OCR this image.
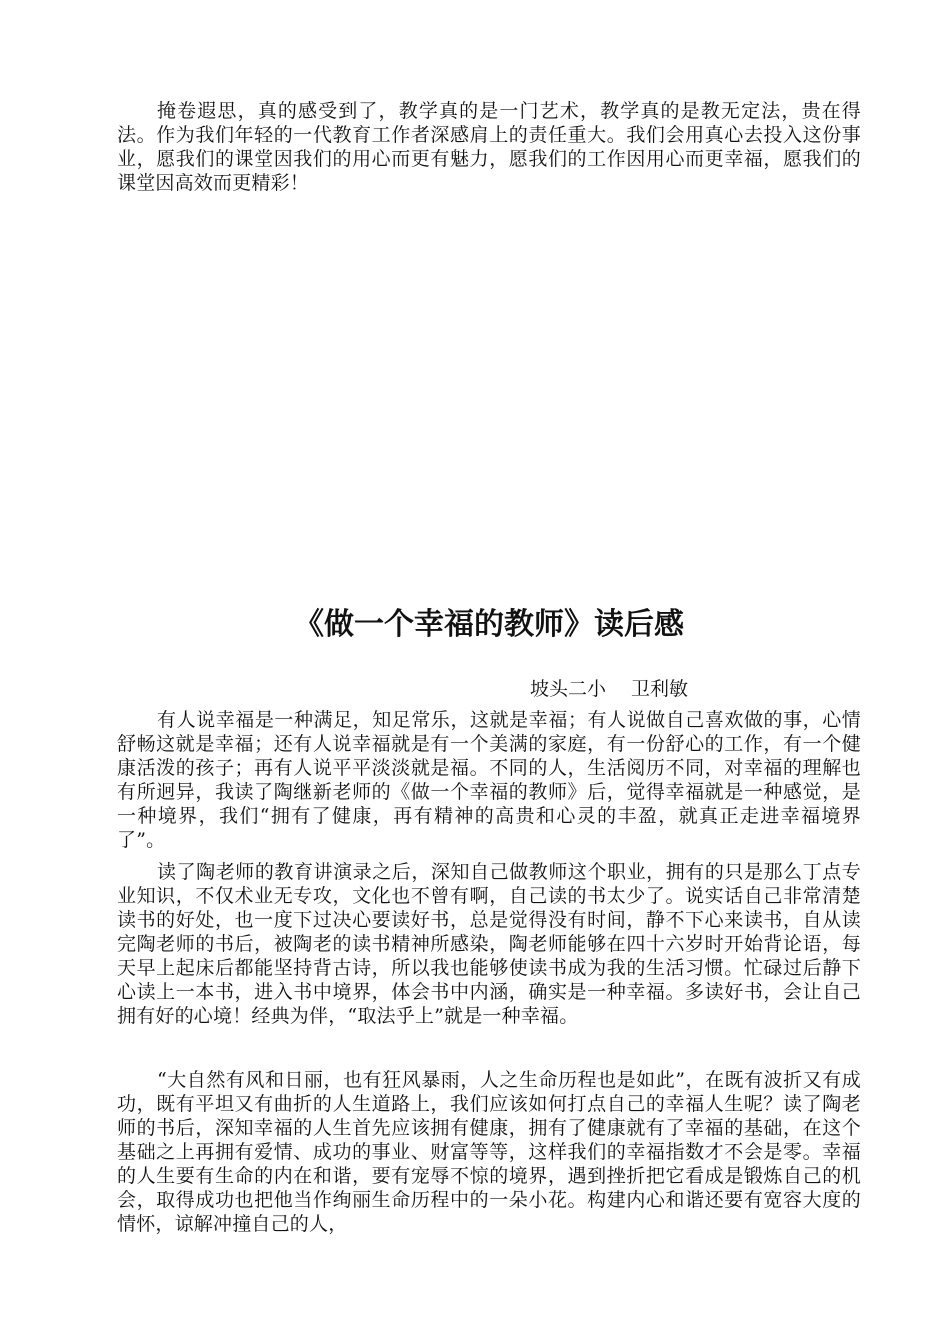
掩卷遐思，真的感受到了，教学真的是一门艺术，教学真的是教无定法，贵在得法。作为我们年轻的一代教育工作者深感肩上的责任重大。我们会用真心去投入这份事业，愿我们的课堂因我们的用心而更有魅力，愿我们的工作因用心而更幸福，愿我们的课堂因高效而更精彩！

《做一个幸福的教师》读后感

坡头二小　 卫利敏

有人说幸福是一种满足，知足常乐，这就是幸福；有人说做自己喜欢做的事，心情舒畅这就是幸福；还有人说幸福就是有一个美满的家庭，有一份舒心的工作，有一个健康活泼的孩子；再有人说平平淡淡就是福。不同的人，生活阅历不同，对幸福的理解也有所迥异，我读了陶继新老师的《做一个幸福的教师》后，觉得幸福就是一种感觉，是一种境界，我们“拥有了健康，再有精神的高贵和心灵的丰盈，就真正走进幸福境界了”。

读了陶老师的教育讲演录之后，深知自己做教师这个职业，拥有的只是那么丁点专业知识，不仅术业无专攻，文化也不曾有啊，自己读的书太少了。说实话自己非常清楚读书的好处，也一度下过决心要读好书，总是觉得没有时间，静不下心来读书，自从读完陶老师的书后，被陶老的读书精神所感染，陶老师能够在四十六岁时开始背论语，每天早上起床后都能坚持背古诗，所以我也能够使读书成为我的生活习惯。忙碌过后静下心读上一本书，进入书中境界，体会书中内涵，确实是一种幸福。多读好书，会让自己拥有好的心境！经典为伴，“取法乎上”就是一种幸福。

“大自然有风和日丽，也有狂风暴雨，人之生命历程也是如此”，在既有波折又有成功，既有平坦又有曲折的人生道路上，我们应该如何打点自己的幸福人生呢？读了陶老师的书后，深知幸福的人生首先应该拥有健康，拥有了健康就有了幸福的基础，在这个基础之上再拥有爱情、成功的事业、财富等等，这样我们的幸福指数才不会是零。幸福的人生要有生命的内在和谐，要有宠辱不惊的境界，遇到挫折把它看成是锻炼自己的机会，取得成功也把他当作绚丽生命历程中的一朵小花。构建内心和谐还要有宽容大度的情怀，谅解冲撞自己的人，
